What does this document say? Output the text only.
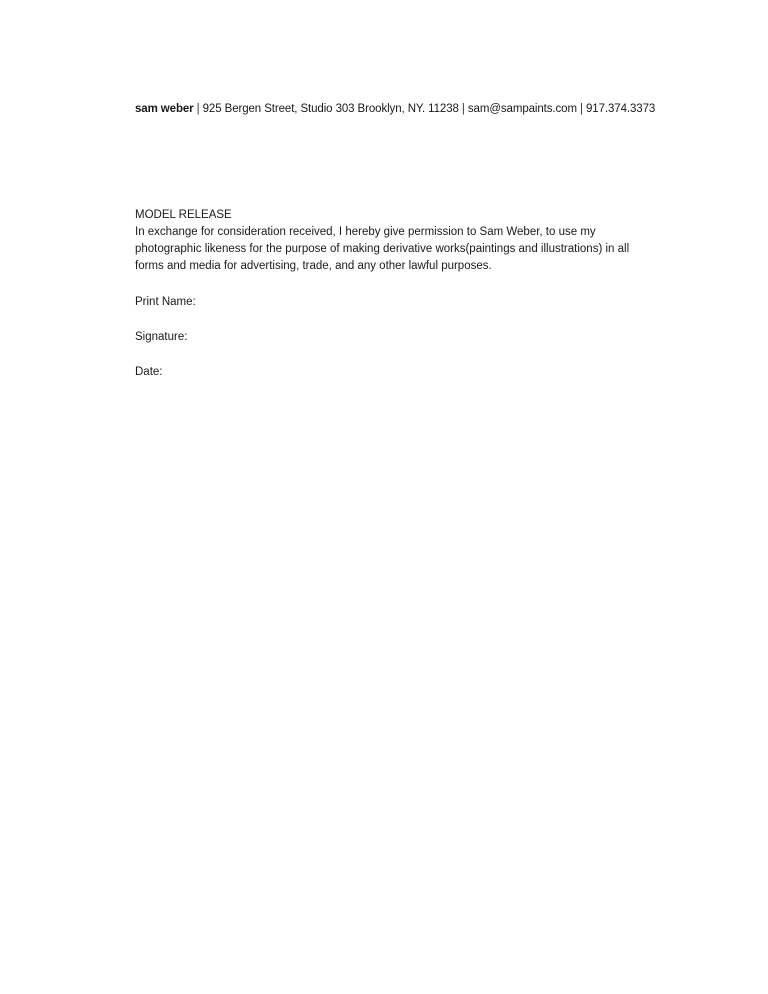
sam weber | 925 Bergen Street, Studio 303 Brooklyn, NY. 11238 | sam@sampaints.com | 917.374.3373
MODEL RELEASE
In exchange for consideration received, I hereby give permission to Sam Weber, to use my photographic likeness for the purpose of making derivative works(paintings and illustrations) in all forms and media for advertising, trade, and any other lawful purposes.
Print Name:
Signature:
Date:
